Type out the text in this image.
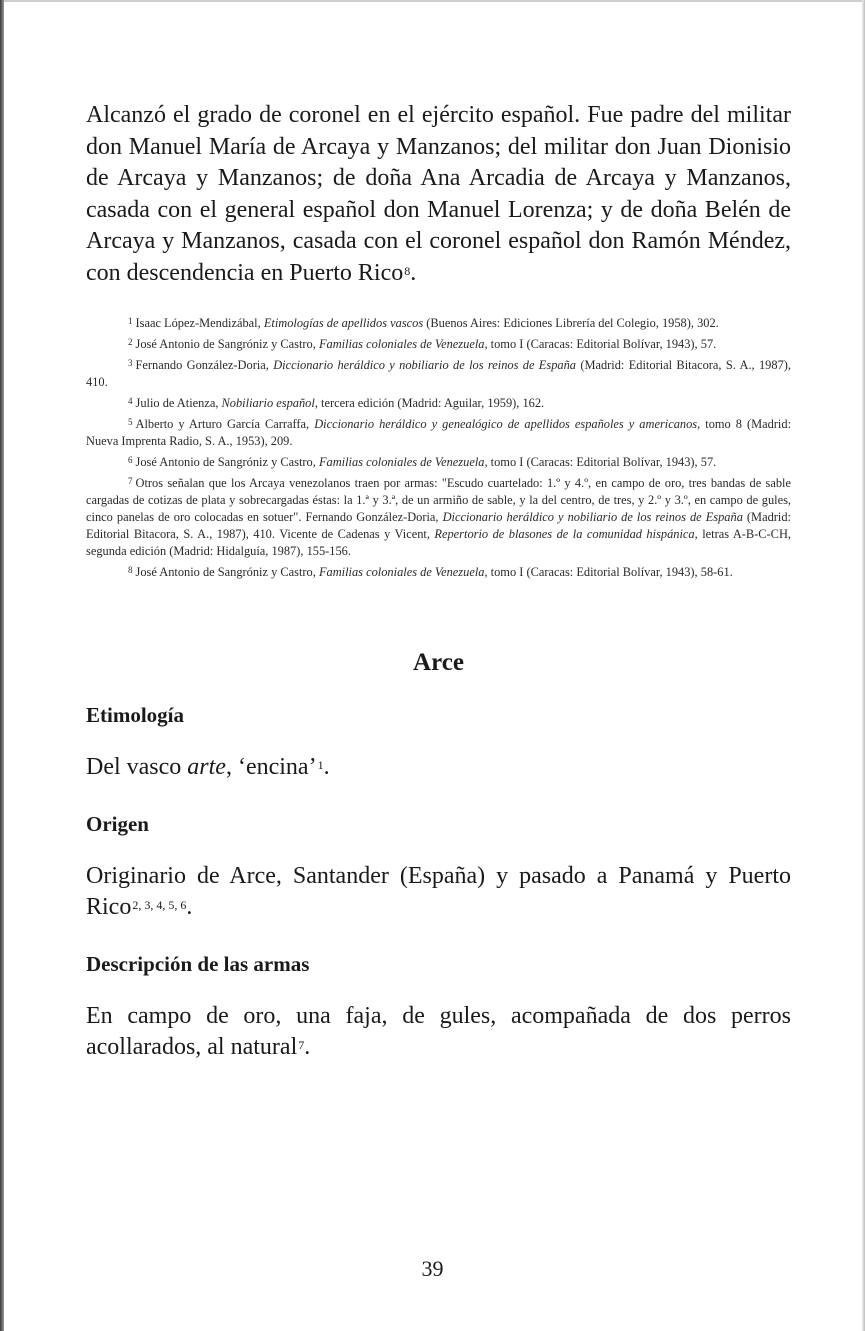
Alcanzó el grado de coronel en el ejército español. Fue padre del militar don Manuel María de Arcaya y Manzanos; del militar don Juan Dionisio de Arcaya y Manzanos; de doña Ana Arcadia de Arcaya y Manzanos, casada con el general español don Manuel Lorenza; y de doña Belén de Arcaya y Manzanos, casada con el coronel español don Ramón Méndez, con descendencia en Puerto Rico$^8$.

$^1$ Isaac López-Mendizábal, Etimologías de apellidos vascos (Buenos Aires: Ediciones Librería del Colegio, 1958), 302.

$^2$ José Antonio de Sangróniz y Castro, Familias coloniales de Venezuela, tomo I (Caracas: Editorial Bolívar, 1943), 57.

$^3$ Fernando González-Doria, Diccionario heráldico y nobiliario de los reinos de España (Madrid: Editorial Bitacora, S. A., 1987), 410.

$^4$ Julio de Atienza, Nobiliario español, tercera edición (Madrid: Aguilar, 1959), 162.

$^5$ Alberto y Arturo García Carraffa, Diccionario heráldico y genealógico de apellidos españoles y americanos, tomo 8 (Madrid: Nueva Imprenta Radio, S. A., 1953), 209.

$^6$ José Antonio de Sangróniz y Castro, Familias coloniales de Venezuela, tomo I (Caracas: Editorial Bolívar, 1943), 57.

$^7$ Otros señalan que los Arcaya venezolanos traen por armas: "Escudo cuartelado: 1.º y 4.º, en campo de oro, tres bandas de sable cargadas de cotizas de plata y sobrecargadas éstas: la 1.ª y 3.ª, de un armiño de sable, y la del centro, de tres, y 2.º y 3.º, en campo de gules, cinco panelas de oro colocadas en sotuer". Fernando González-Doria, Diccionario heráldico y nobiliario de los reinos de España (Madrid: Editorial Bitacora, S. A., 1987), 410. Vicente de Cadenas y Vicent, Repertorio de blasones de la comunidad hispánica, letras A-B-C-CH, segunda edición (Madrid: Hidalguía, 1987), 155-156.

$^8$ José Antonio de Sangróniz y Castro, Familias coloniales de Venezuela, tomo I (Caracas: Editorial Bolívar, 1943), 58-61.

Arce
Etimología

Del vasco arte, ‘encina’$^1$.

Origen

Originario de Arce, Santander (España) y pasado a Panamá y Puerto Rico$^{2, 3, 4, 5, 6}$.

Descripción de las armas

En campo de oro, una faja, de gules, acompañada de dos perros acollarados, al natural$^7$.

39
